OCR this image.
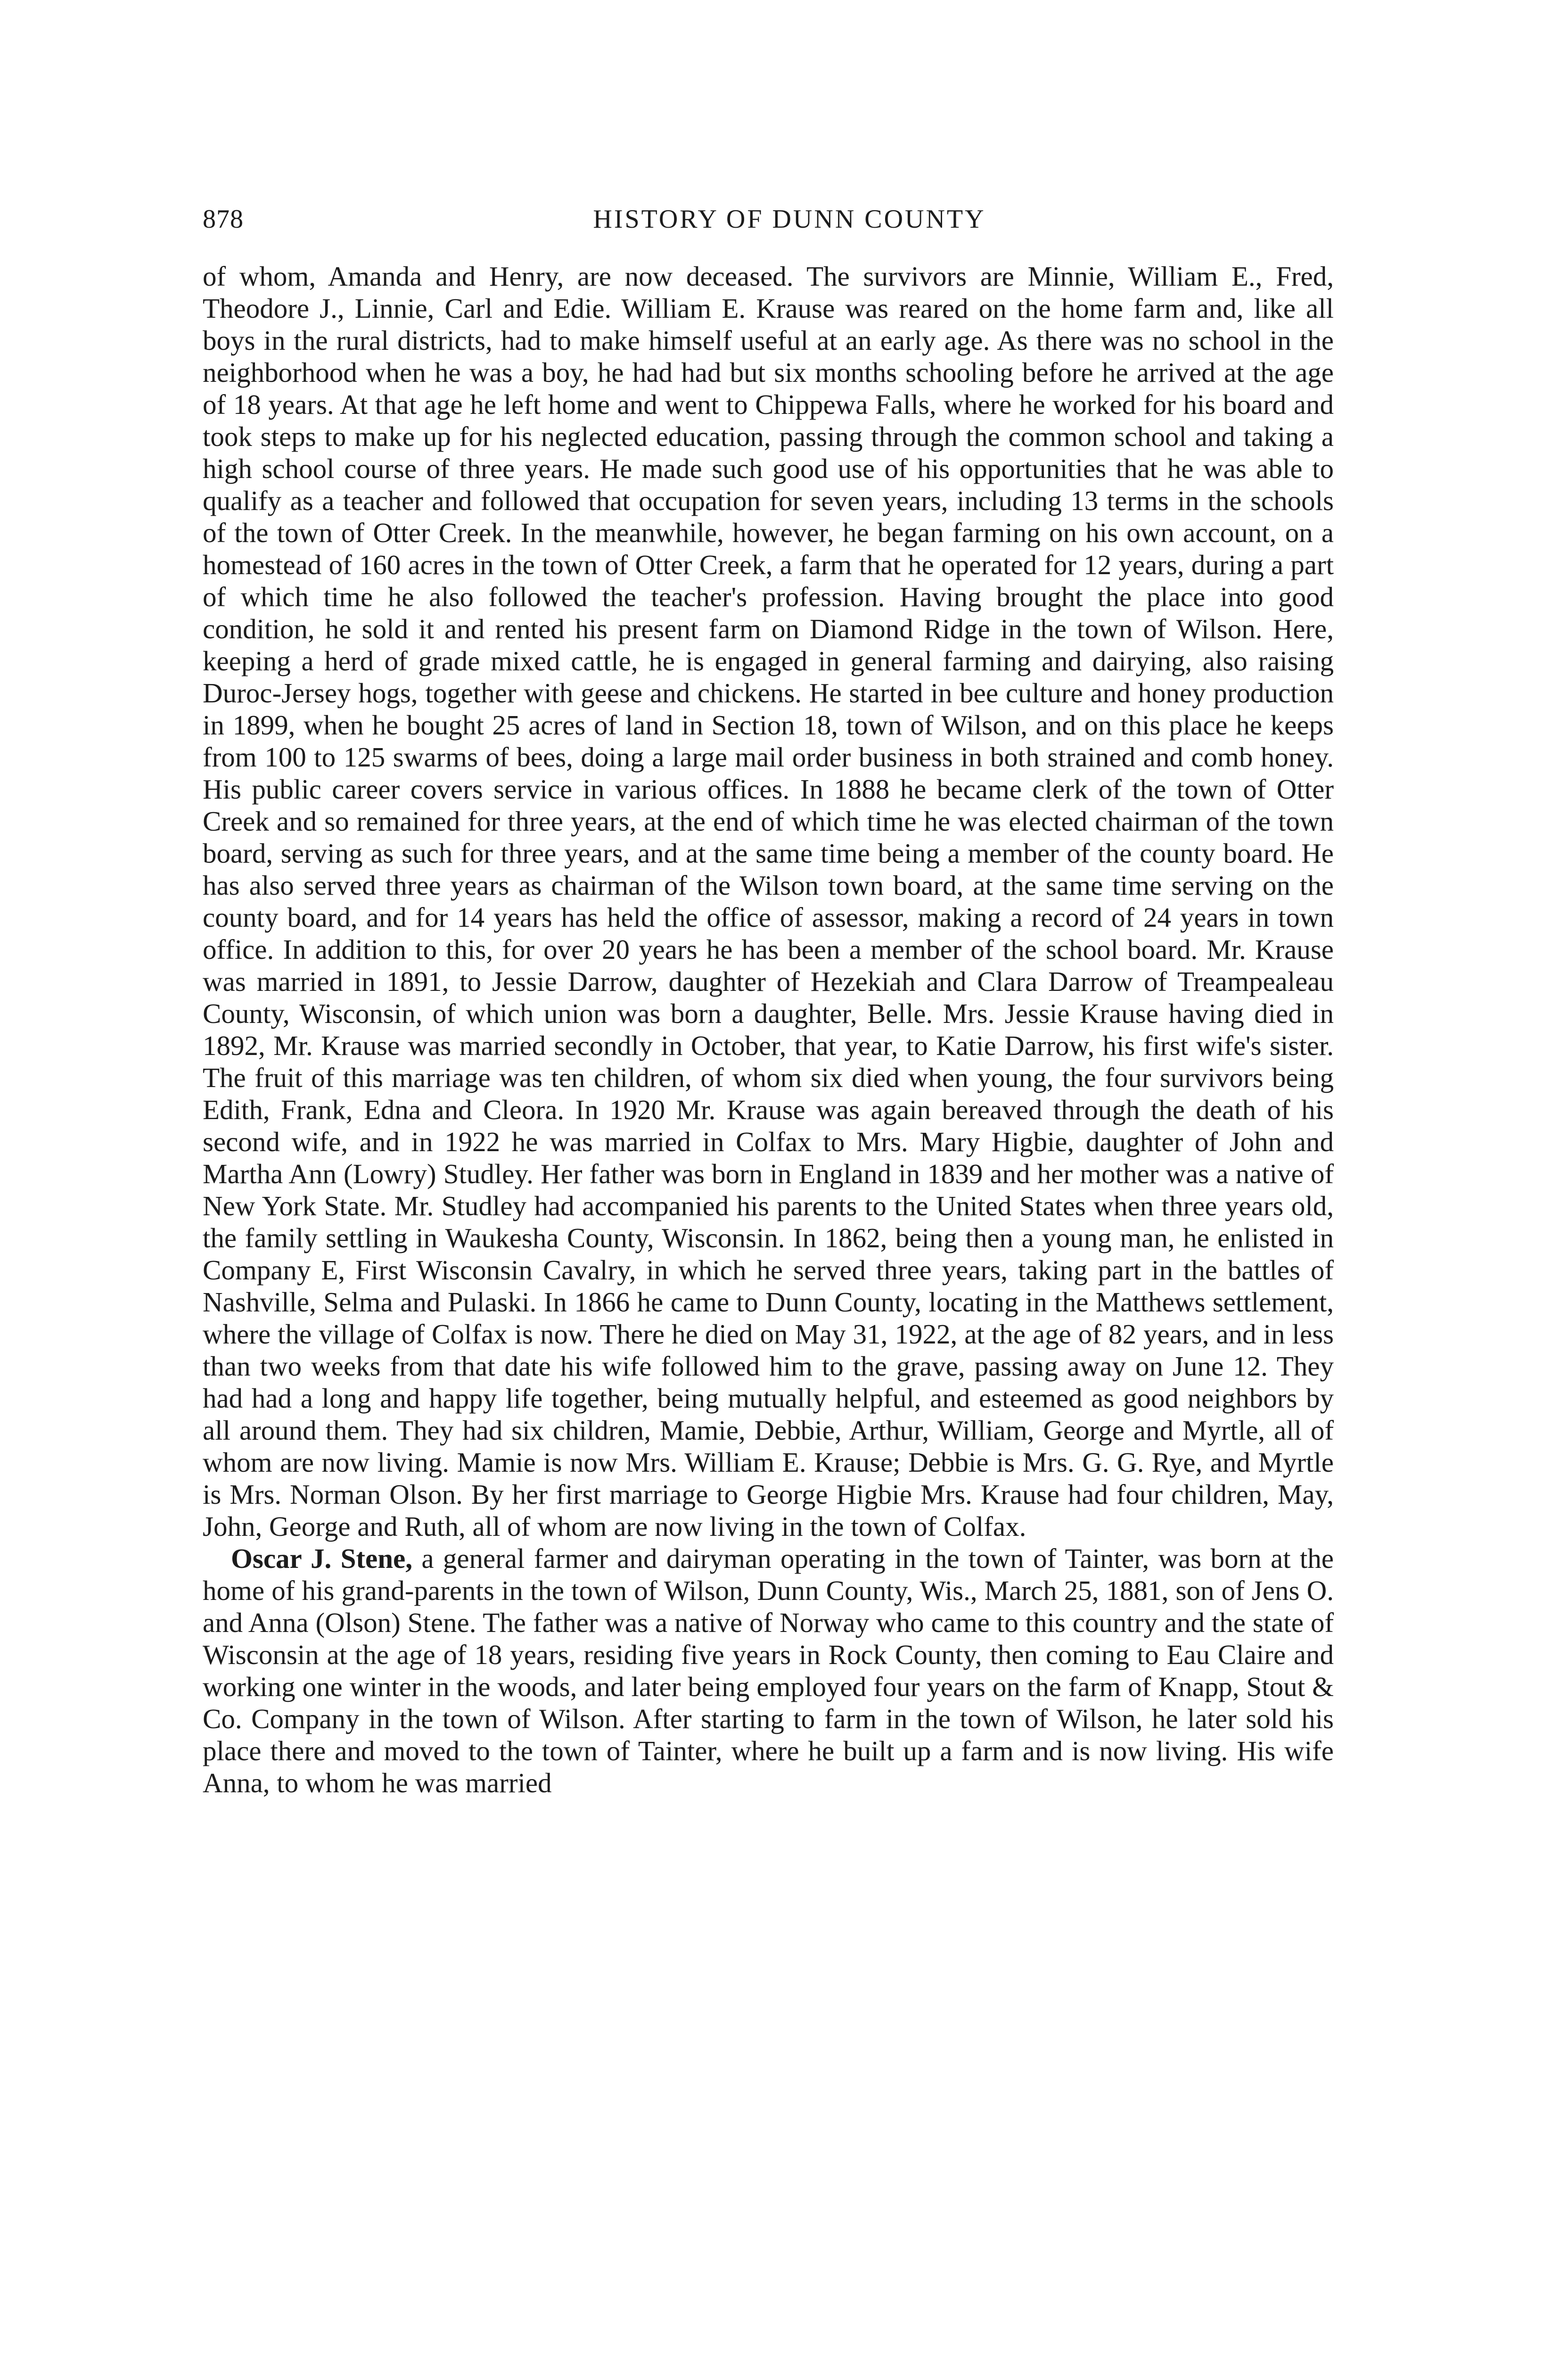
878	HISTORY OF DUNN COUNTY

of whom, Amanda and Henry, are now deceased. The survivors are Minnie, William E., Fred, Theodore J., Linnie, Carl and Edie. William E. Krause was reared on the home farm and, like all boys in the rural districts, had to make himself useful at an early age. As there was no school in the neighborhood when he was a boy, he had had but six months schooling before he arrived at the age of 18 years. At that age he left home and went to Chippewa Falls, where he worked for his board and took steps to make up for his neglected education, passing through the common school and taking a high school course of three years. He made such good use of his opportunities that he was able to qualify as a teacher and followed that occupation for seven years, including 13 terms in the schools of the town of Otter Creek. In the meanwhile, however, he began farming on his own account, on a homestead of 160 acres in the town of Otter Creek, a farm that he operated for 12 years, during a part of which time he also followed the teacher's profession. Having brought the place into good condition, he sold it and rented his present farm on Diamond Ridge in the town of Wilson. Here, keeping a herd of grade mixed cattle, he is engaged in general farming and dairying, also raising Duroc-Jersey hogs, together with geese and chickens. He started in bee culture and honey production in 1899, when he bought 25 acres of land in Section 18, town of Wilson, and on this place he keeps from 100 to 125 swarms of bees, doing a large mail order business in both strained and comb honey. His public career covers service in various offices. In 1888 he became clerk of the town of Otter Creek and so remained for three years, at the end of which time he was elected chairman of the town board, serving as such for three years, and at the same time being a member of the county board. He has also served three years as chairman of the Wilson town board, at the same time serving on the county board, and for 14 years has held the office of assessor, making a record of 24 years in town office. In addition to this, for over 20 years he has been a member of the school board. Mr. Krause was married in 1891, to Jessie Darrow, daughter of Hezekiah and Clara Darrow of Treampealeau County, Wisconsin, of which union was born a daughter, Belle. Mrs. Jessie Krause having died in 1892, Mr. Krause was married secondly in October, that year, to Katie Darrow, his first wife's sister. The fruit of this marriage was ten children, of whom six died when young, the four survivors being Edith, Frank, Edna and Cleora. In 1920 Mr. Krause was again bereaved through the death of his second wife, and in 1922 he was married in Colfax to Mrs. Mary Higbie, daughter of John and Martha Ann (Lowry) Studley. Her father was born in England in 1839 and her mother was a native of New York State. Mr. Studley had accompanied his parents to the United States when three years old, the family settling in Waukesha County, Wisconsin. In 1862, being then a young man, he enlisted in Company E, First Wisconsin Cavalry, in which he served three years, taking part in the battles of Nashville, Selma and Pulaski. In 1866 he came to Dunn County, locating in the Matthews settlement, where the village of Colfax is now. There he died on May 31, 1922, at the age of 82 years, and in less than two weeks from that date his wife followed him to the grave, passing away on June 12. They had had a long and happy life together, being mutually helpful, and esteemed as good neighbors by all around them. They had six children, Mamie, Debbie, Arthur, William, George and Myrtle, all of whom are now living. Mamie is now Mrs. William E. Krause; Debbie is Mrs. G. G. Rye, and Myrtle is Mrs. Norman Olson. By her first marriage to George Higbie Mrs. Krause had four children, May, John, George and Ruth, all of whom are now living in the town of Colfax.

Oscar J. Stene, a general farmer and dairyman operating in the town of Tainter, was born at the home of his grand-parents in the town of Wilson, Dunn County, Wis., March 25, 1881, son of Jens O. and Anna (Olson) Stene. The father was a native of Norway who came to this country and the state of Wisconsin at the age of 18 years, residing five years in Rock County, then coming to Eau Claire and working one winter in the woods, and later being employed four years on the farm of Knapp, Stout & Co. Company in the town of Wilson. After starting to farm in the town of Wilson, he later sold his place there and moved to the town of Tainter, where he built up a farm and is now living. His wife Anna, to whom he was married
